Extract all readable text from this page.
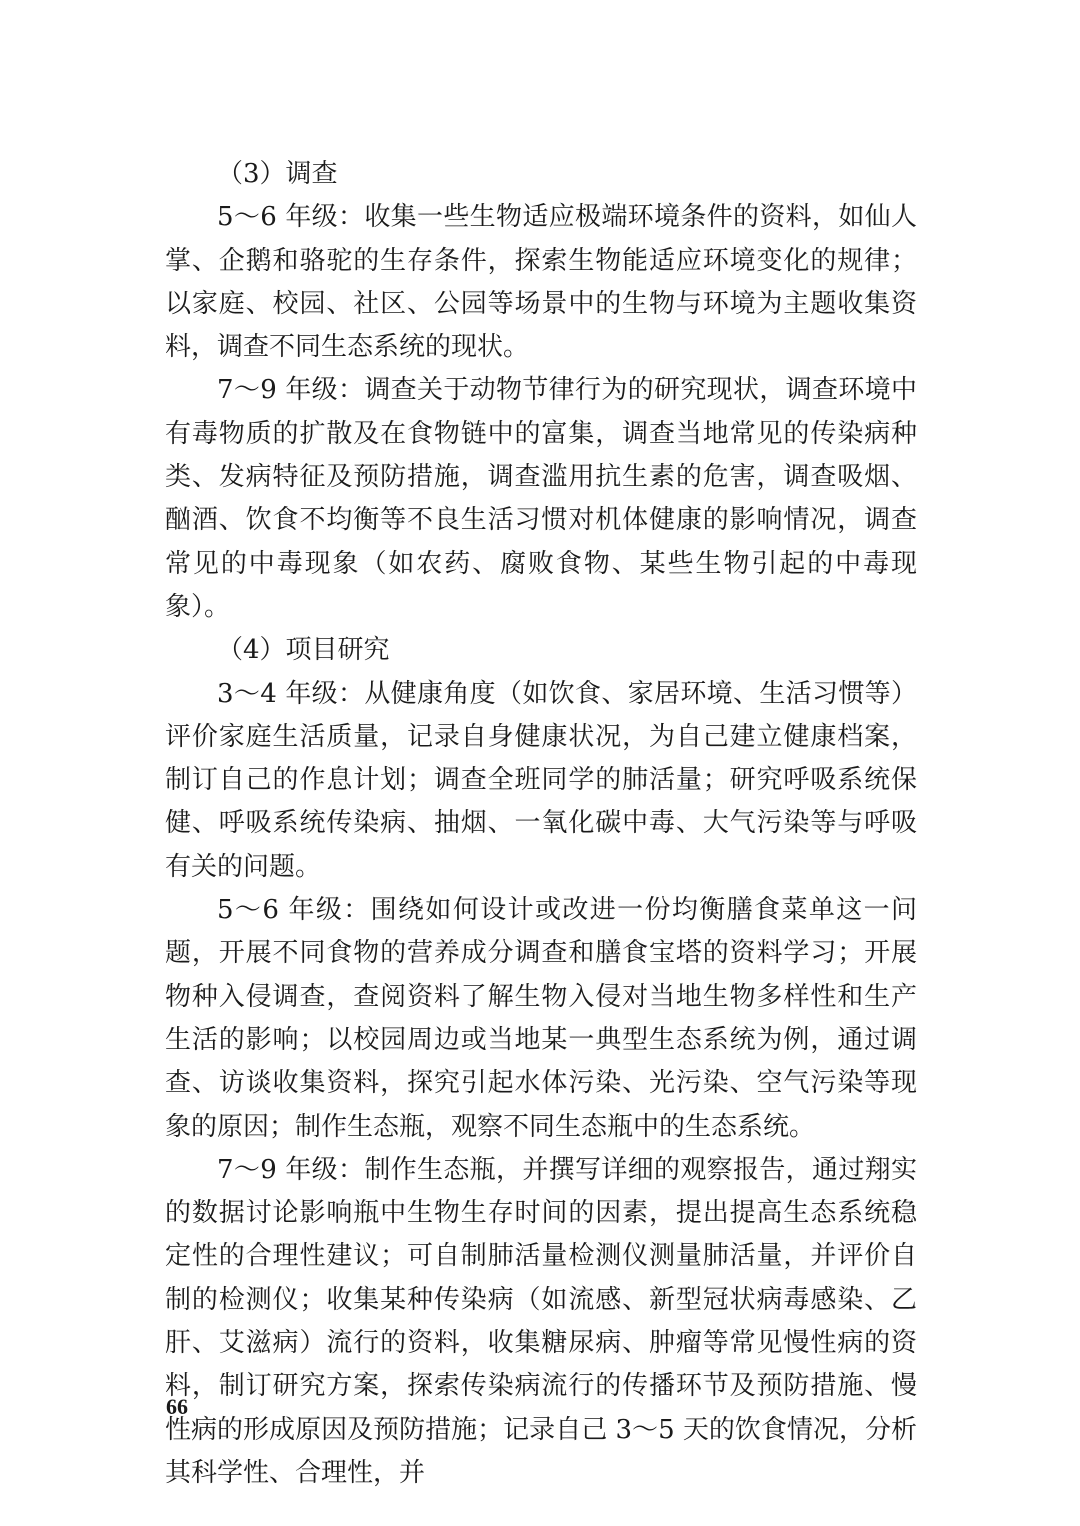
（3）调查

5～6 年级：收集一些生物适应极端环境条件的资料，如仙人掌、企鹅和骆驼的生存条件，探索生物能适应环境变化的规律；以家庭、校园、社区、公园等场景中的生物与环境为主题收集资料，调查不同生态系统的现状。

7～9 年级：调查关于动物节律行为的研究现状，调查环境中有毒物质的扩散及在食物链中的富集，调查当地常见的传染病种类、发病特征及预防措施，调查滥用抗生素的危害，调查吸烟、酗酒、饮食不均衡等不良生活习惯对机体健康的影响情况，调查常见的中毒现象（如农药、腐败食物、某些生物引起的中毒现象）。

（4）项目研究

3～4 年级：从健康角度（如饮食、家居环境、生活习惯等）评价家庭生活质量，记录自身健康状况，为自己建立健康档案，制订自己的作息计划；调查全班同学的肺活量；研究呼吸系统保健、呼吸系统传染病、抽烟、一氧化碳中毒、大气污染等与呼吸有关的问题。

5～6 年级：围绕如何设计或改进一份均衡膳食菜单这一问题，开展不同食物的营养成分调查和膳食宝塔的资料学习；开展物种入侵调查，查阅资料了解生物入侵对当地生物多样性和生产生活的影响；以校园周边或当地某一典型生态系统为例，通过调查、访谈收集资料，探究引起水体污染、光污染、空气污染等现象的原因；制作生态瓶，观察不同生态瓶中的生态系统。

7～9 年级：制作生态瓶，并撰写详细的观察报告，通过翔实的数据讨论影响瓶中生物生存时间的因素，提出提高生态系统稳定性的合理性建议；可自制肺活量检测仪测量肺活量，并评价自制的检测仪；收集某种传染病（如流感、新型冠状病毒感染、乙肝、艾滋病）流行的资料，收集糖尿病、肿瘤等常见慢性病的资料，制订研究方案，探索传染病流行的传播环节及预防措施、慢性病的形成原因及预防措施；记录自己 3～5 天的饮食情况，分析其科学性、合理性，并

66
